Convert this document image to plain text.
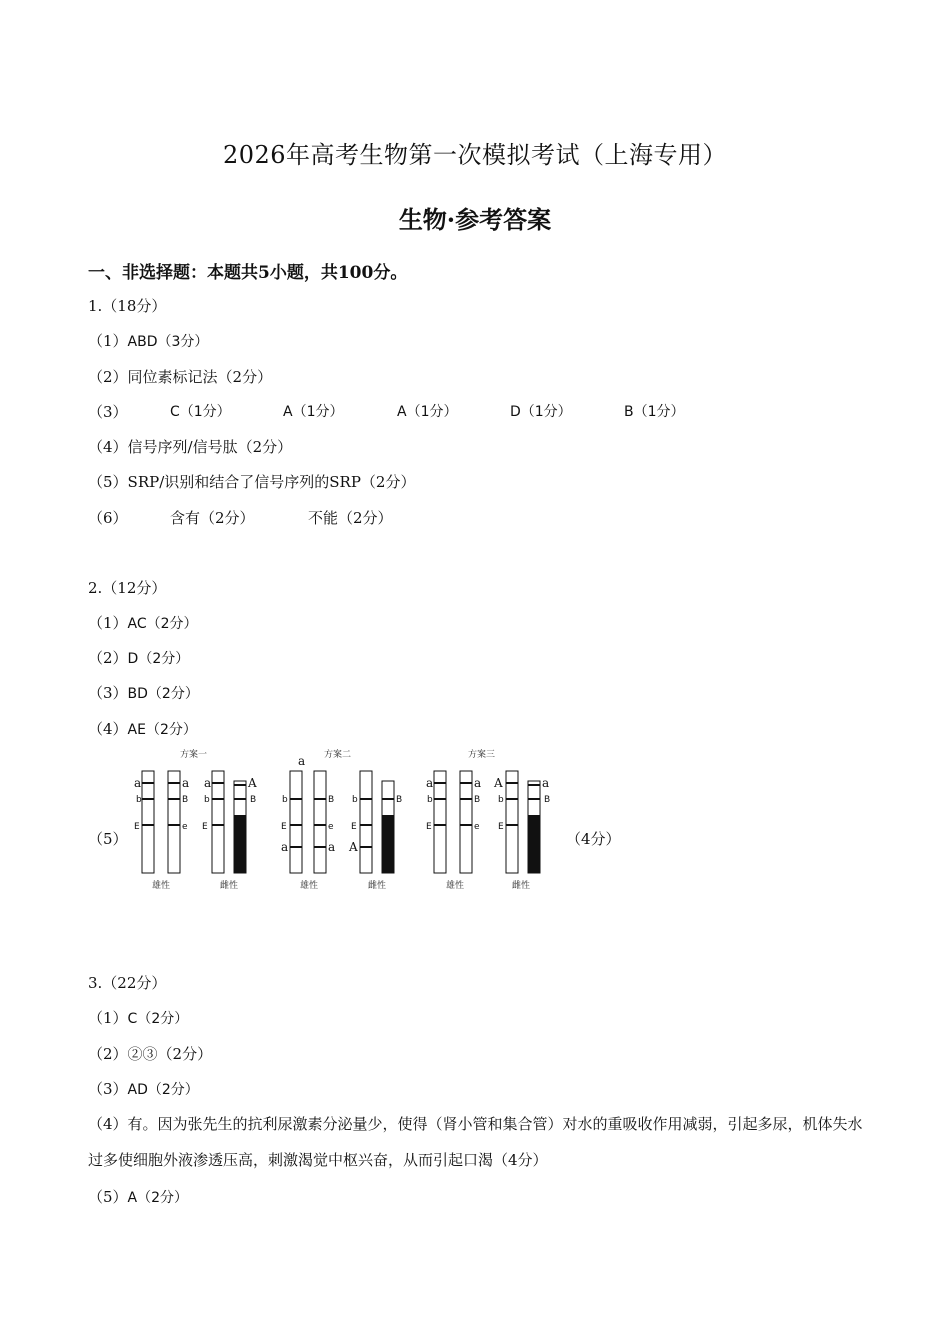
2026年高考生物第一次模拟考试（上海专用）
生物·参考答案
一、非选择题：本题共5小题，共100分。
1.（18分）
（1）ABD（3分）
（2）同位素标记法（2分）
（3）	C（1分）	A（1分）	A（1分）	D（1分）	B（1分）
（4）信号序列/信号肽（2分）
（5）SRP/识别和结合了信号序列的SRP（2分）
（6）	含有（2分）	不能（2分）
2.（12分）
（1）AC（2分）
（2）D（2分）
（3）BD（2分）
（4）AE（2分）
（5）	（4分）
a
b
E
a
B
e
a
b
E
A
B
a
b
E
a
B
e
a
b
E
A
B
a
b
E
a
B
e
A
b
E
a
B
方案一	方案二	方案三
雄性	雌性	雄性	雌性	雄性	雌性
3.（22分）
（1）C（2分）
（2）②③（2分）
（3）AD（2分）
（4）有。因为张先生的抗利尿激素分泌量少，使得（肾小管和集合管）对水的重吸收作用减弱，引起多尿，机体失水过多使细胞外液渗透压高，刺激渴觉中枢兴奋，从而引起口渴（4分）
（5）A（2分）
